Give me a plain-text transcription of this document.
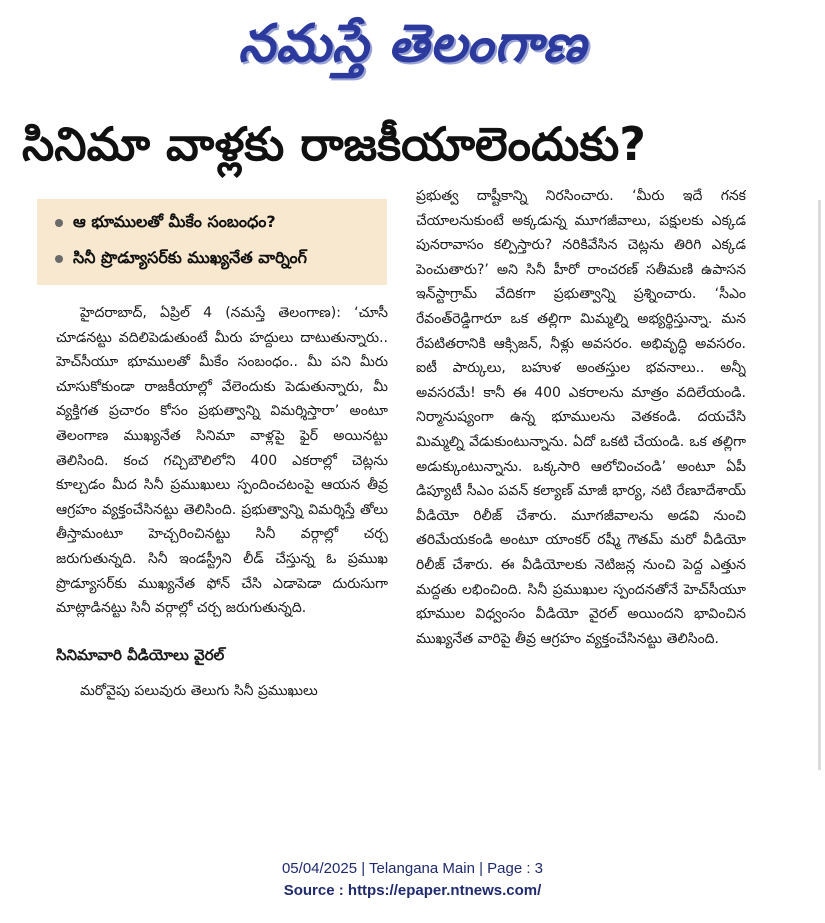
నమస్తే తెలంగాణ
సినిమా వాళ్లకు రాజకీయాలెందుకు?
ఆ భూములతో మీకేం సంబంధం?
సినీ ప్రొడ్యూసర్‌కు ముఖ్యనేత వార్నింగ్

హైదరాబాద్, ఏప్రిల్ 4 (నమస్తే తెలంగాణ): ‘చూసీ చూడనట్టు వదిలిపెడుతుంటే మీరు హద్దులు దాటుతున్నారు.. హెచ్‌సీయూ భూములతో మీకేం సంబంధం.. మీ పని మీరు చూసుకోకుండా రాజకీయాల్లో వేలెందుకు పెడుతున్నారు, మీ వ్యక్తిగత ప్రచారం కోసం ప్రభుత్వాన్ని విమర్శిస్తారా’ అంటూ తెలంగాణ ముఖ్యనేత సినిమా వాళ్లపై ఫైర్ అయినట్టు తెలిసింది. కంచ గచ్చిబౌలిలోని 400 ఎకరాల్లో చెట్లను కూల్చడం మీద సినీ ప్రముఖులు స్పందించటంపై ఆయన తీవ్ర ఆగ్రహం వ్యక్తంచేసినట్టు తెలిసింది. ప్రభుత్వాన్ని విమర్శిస్తే తోలు తీస్తామంటూ హెచ్చరించినట్టు సినీ వర్గాల్లో చర్చ జరుగుతున్నది. సినీ ఇండస్ట్రీని లీడ్ చేస్తున్న ఓ ప్రముఖ ప్రొడ్యూసర్‌కు ముఖ్యనేత ఫోన్ చేసి ఎడాపెడా దురుసుగా మాట్లాడినట్టు సినీ వర్గాల్లో చర్చ జరుగుతున్నది.

సినిమావారి వీడియోలు వైరల్

మరోవైపు పలువురు తెలుగు సినీ ప్రముఖులు

ప్రభుత్వ దాష్టీకాన్ని నిరసించారు. ‘మీరు ఇదే గనక చేయాలనుకుంటే అక్కడున్న మూగజీవాలు, పక్షులకు ఎక్కడ పునరావాసం కల్పిస్తారు? నరికివేసిన చెట్లను తిరిగి ఎక్కడ పెంచుతారు?’ అని సినీ హీరో రాంచరణ్ సతీమణి ఉపాసన ఇన్‌స్టాగ్రామ్ వేదికగా ప్రభుత్వాన్ని ప్రశ్నించారు. ‘సీఎం రేవంత్‌రెడ్డిగారూ ఒక తల్లిగా మిమ్మల్ని అభ్యర్థిస్తున్నా. మన రేపటితరానికి ఆక్సిజన్, నీళ్లు అవసరం. అభివృద్ధి అవసరం. ఐటీ పార్కులు, బహుళ అంతస్తుల భవనాలు.. అన్నీ అవసరమే! కానీ ఈ 400 ఎకరాలను మాత్రం వదిలేయండి. నిర్మానుష్యంగా ఉన్న భూములను వెతకండి. దయచేసి మిమ్మల్ని వేడుకుంటున్నాను. ఏదో ఒకటి చేయండి. ఒక తల్లిగా అడుక్కుంటున్నాను. ఒక్కసారి ఆలోచించండి’ అంటూ ఏపీ డిప్యూటీ సీఎం పవన్ కల్యాణ్ మాజీ భార్య, నటి రేణూదేశాయ్ వీడియో రిలీజ్ చేశారు. మూగజీవాలను అడవి నుంచి తరిమేయకండి అంటూ యాంకర్ రష్మీ గౌతమ్ మరో వీడియో రిలీజ్ చేశారు. ఈ వీడియోలకు నెటిజన్ల నుంచి పెద్ద ఎత్తున మద్దతు లభించింది. సినీ ప్రముఖుల స్పందనతోనే హెచ్‌సీయూ భూముల విధ్వంసం వీడియో వైరల్ అయిందని భావించిన ముఖ్యనేత వారిపై తీవ్ర ఆగ్రహం వ్యక్తంచేసినట్టు తెలిసింది.

05/04/2025 | Telangana Main | Page : 3
Source : https://epaper.ntnews.com/
